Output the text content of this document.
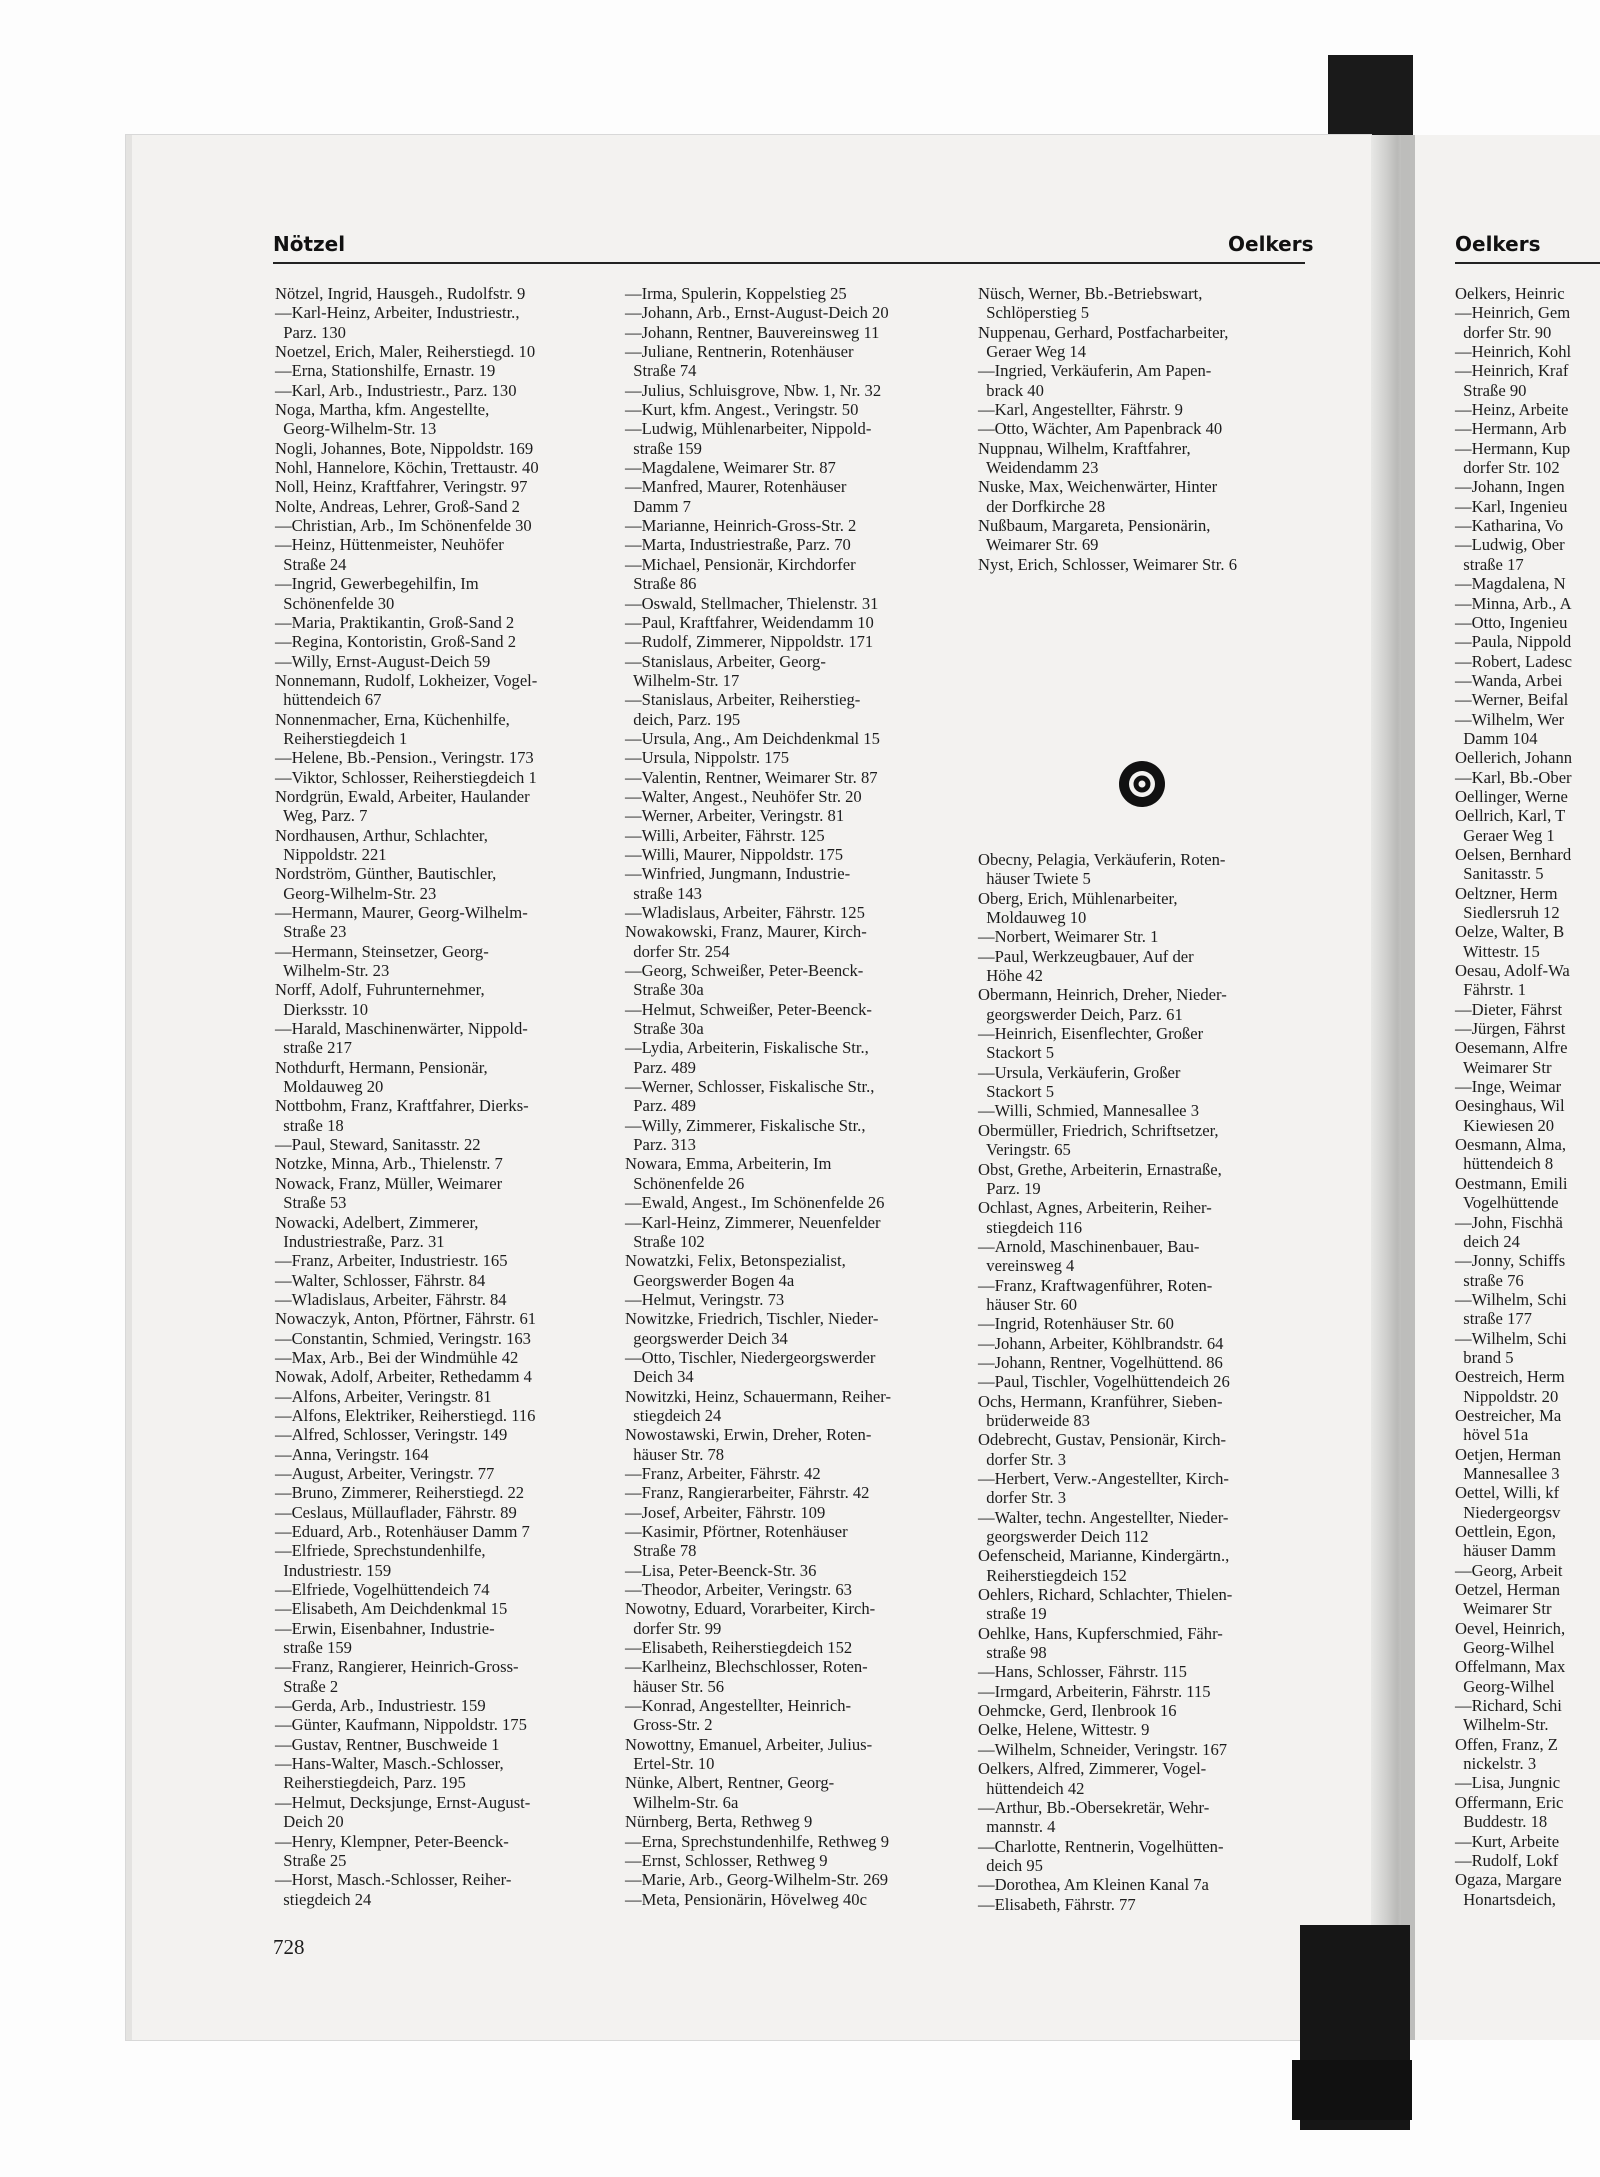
Nötzel	Oelkers	Oelkers
Nötzel, Ingrid, Hausgeh., Rudolfstr. 9
—Karl-Heinz, Arbeiter, Industriestr.,
Parz. 130
Noetzel, Erich, Maler, Reiherstiegd. 10
—Erna, Stationshilfe, Ernastr. 19
—Karl, Arb., Industriestr., Parz. 130
Noga, Martha, kfm. Angestellte,
Georg-Wilhelm-Str. 13
Nogli, Johannes, Bote, Nippoldstr. 169
Nohl, Hannelore, Köchin, Trettaustr. 40
Noll, Heinz, Kraftfahrer, Veringstr. 97
Nolte, Andreas, Lehrer, Groß-Sand 2
—Christian, Arb., Im Schönenfelde 30
—Heinz, Hüttenmeister, Neuhöfer
Straße 24
—Ingrid, Gewerbegehilfin, Im
Schönenfelde 30
—Maria, Praktikantin, Groß-Sand 2
—Regina, Kontoristin, Groß-Sand 2
—Willy, Ernst-August-Deich 59
Nonnemann, Rudolf, Lokheizer, Vogel-
hüttendeich 67
Nonnenmacher, Erna, Küchenhilfe,
Reiherstiegdeich 1
—Helene, Bb.-Pension., Veringstr. 173
—Viktor, Schlosser, Reiherstiegdeich 1
Nordgrün, Ewald, Arbeiter, Haulander
Weg, Parz. 7
Nordhausen, Arthur, Schlachter,
Nippoldstr. 221
Nordström, Günther, Bautischler,
Georg-Wilhelm-Str. 23
—Hermann, Maurer, Georg-Wilhelm-
Straße 23
—Hermann, Steinsetzer, Georg-
Wilhelm-Str. 23
Norff, Adolf, Fuhrunternehmer,
Dierksstr. 10
—Harald, Maschinenwärter, Nippold-
straße 217
Nothdurft, Hermann, Pensionär,
Moldauweg 20
Nottbohm, Franz, Kraftfahrer, Dierks-
straße 18
—Paul, Steward, Sanitasstr. 22
Notzke, Minna, Arb., Thielenstr. 7
Nowack, Franz, Müller, Weimarer
Straße 53
Nowacki, Adelbert, Zimmerer,
Industriestraße, Parz. 31
—Franz, Arbeiter, Industriestr. 165
—Walter, Schlosser, Fährstr. 84
—Wladislaus, Arbeiter, Fährstr. 84
Nowaczyk, Anton, Pförtner, Fährstr. 61
—Constantin, Schmied, Veringstr. 163
—Max, Arb., Bei der Windmühle 42
Nowak, Adolf, Arbeiter, Rethedamm 4
—Alfons, Arbeiter, Veringstr. 81
—Alfons, Elektriker, Reiherstiegd. 116
—Alfred, Schlosser, Veringstr. 149
—Anna, Veringstr. 164
—August, Arbeiter, Veringstr. 77
—Bruno, Zimmerer, Reiherstiegd. 22
—Ceslaus, Müllauflader, Fährstr. 89
—Eduard, Arb., Rotenhäuser Damm 7
—Elfriede, Sprechstundenhilfe,
Industriestr. 159
—Elfriede, Vogelhüttendeich 74
—Elisabeth, Am Deichdenkmal 15
—Erwin, Eisenbahner, Industrie-
straße 159
—Franz, Rangierer, Heinrich-Gross-
Straße 2
—Gerda, Arb., Industriestr. 159
—Günter, Kaufmann, Nippoldstr. 175
—Gustav, Rentner, Buschweide 1
—Hans-Walter, Masch.-Schlosser,
Reiherstiegdeich, Parz. 195
—Helmut, Decksjunge, Ernst-August-
Deich 20
—Henry, Klempner, Peter-Beenck-
Straße 25
—Horst, Masch.-Schlosser, Reiher-
stiegdeich 24
—Irma, Spulerin, Koppelstieg 25
—Johann, Arb., Ernst-August-Deich 20
—Johann, Rentner, Bauvereinsweg 11
—Juliane, Rentnerin, Rotenhäuser
Straße 74
—Julius, Schluisgrove, Nbw. 1, Nr. 32
—Kurt, kfm. Angest., Veringstr. 50
—Ludwig, Mühlenarbeiter, Nippold-
straße 159
—Magdalene, Weimarer Str. 87
—Manfred, Maurer, Rotenhäuser
Damm 7
—Marianne, Heinrich-Gross-Str. 2
—Marta, Industriestraße, Parz. 70
—Michael, Pensionär, Kirchdorfer
Straße 86
—Oswald, Stellmacher, Thielenstr. 31
—Paul, Kraftfahrer, Weidendamm 10
—Rudolf, Zimmerer, Nippoldstr. 171
—Stanislaus, Arbeiter, Georg-
Wilhelm-Str. 17
—Stanislaus, Arbeiter, Reiherstieg-
deich, Parz. 195
—Ursula, Ang., Am Deichdenkmal 15
—Ursula, Nippolstr. 175
—Valentin, Rentner, Weimarer Str. 87
—Walter, Angest., Neuhöfer Str. 20
—Werner, Arbeiter, Veringstr. 81
—Willi, Arbeiter, Fährstr. 125
—Willi, Maurer, Nippoldstr. 175
—Winfried, Jungmann, Industrie-
straße 143
—Wladislaus, Arbeiter, Fährstr. 125
Nowakowski, Franz, Maurer, Kirch-
dorfer Str. 254
—Georg, Schweißer, Peter-Beenck-
Straße 30a
—Helmut, Schweißer, Peter-Beenck-
Straße 30a
—Lydia, Arbeiterin, Fiskalische Str.,
Parz. 489
—Werner, Schlosser, Fiskalische Str.,
Parz. 489
—Willy, Zimmerer, Fiskalische Str.,
Parz. 313
Nowara, Emma, Arbeiterin, Im
Schönenfelde 26
—Ewald, Angest., Im Schönenfelde 26
—Karl-Heinz, Zimmerer, Neuenfelder
Straße 102
Nowatzki, Felix, Betonspezialist,
Georgswerder Bogen 4a
—Helmut, Veringstr. 73
Nowitzke, Friedrich, Tischler, Nieder-
georgswerder Deich 34
—Otto, Tischler, Niedergeorgswerder
Deich 34
Nowitzki, Heinz, Schauermann, Reiher-
stiegdeich 24
Nowostawski, Erwin, Dreher, Roten-
häuser Str. 78
—Franz, Arbeiter, Fährstr. 42
—Franz, Rangierarbeiter, Fährstr. 42
—Josef, Arbeiter, Fährstr. 109
—Kasimir, Pförtner, Rotenhäuser
Straße 78
—Lisa, Peter-Beenck-Str. 36
—Theodor, Arbeiter, Veringstr. 63
Nowotny, Eduard, Vorarbeiter, Kirch-
dorfer Str. 99
—Elisabeth, Reiherstiegdeich 152
—Karlheinz, Blechschlosser, Roten-
häuser Str. 56
—Konrad, Angestellter, Heinrich-
Gross-Str. 2
Nowottny, Emanuel, Arbeiter, Julius-
Ertel-Str. 10
Nünke, Albert, Rentner, Georg-
Wilhelm-Str. 6a
Nürnberg, Berta, Rethweg 9
—Erna, Sprechstundenhilfe, Rethweg 9
—Ernst, Schlosser, Rethweg 9
—Marie, Arb., Georg-Wilhelm-Str. 269
—Meta, Pensionärin, Hövelweg 40c
Nüsch, Werner, Bb.-Betriebswart,
Schlöperstieg 5
Nuppenau, Gerhard, Postfacharbeiter,
Geraer Weg 14
—Ingried, Verkäuferin, Am Papen-
brack 40
—Karl, Angestellter, Fährstr. 9
—Otto, Wächter, Am Papenbrack 40
Nuppnau, Wilhelm, Kraftfahrer,
Weidendamm 23
Nuske, Max, Weichenwärter, Hinter
der Dorfkirche 28
Nußbaum, Margareta, Pensionärin,
Weimarer Str. 69
Nyst, Erich, Schlosser, Weimarer Str. 6
Obecny, Pelagia, Verkäuferin, Roten-
häuser Twiete 5
Oberg, Erich, Mühlenarbeiter,
Moldauweg 10
—Norbert, Weimarer Str. 1
—Paul, Werkzeugbauer, Auf der
Höhe 42
Obermann, Heinrich, Dreher, Nieder-
georgswerder Deich, Parz. 61
—Heinrich, Eisenflechter, Großer
Stackort 5
—Ursula, Verkäuferin, Großer
Stackort 5
—Willi, Schmied, Mannesallee 3
Obermüller, Friedrich, Schriftsetzer,
Veringstr. 65
Obst, Grethe, Arbeiterin, Ernastraße,
Parz. 19
Ochlast, Agnes, Arbeiterin, Reiher-
stiegdeich 116
—Arnold, Maschinenbauer, Bau-
vereinsweg 4
—Franz, Kraftwagenführer, Roten-
häuser Str. 60
—Ingrid, Rotenhäuser Str. 60
—Johann, Arbeiter, Köhlbrandstr. 64
—Johann, Rentner, Vogelhüttend. 86
—Paul, Tischler, Vogelhüttendeich 26
Ochs, Hermann, Kranführer, Sieben-
brüderweide 83
Odebrecht, Gustav, Pensionär, Kirch-
dorfer Str. 3
—Herbert, Verw.-Angestellter, Kirch-
dorfer Str. 3
—Walter, techn. Angestellter, Nieder-
georgswerder Deich 112
Oefenscheid, Marianne, Kindergärtn.,
Reiherstiegdeich 152
Oehlers, Richard, Schlachter, Thielen-
straße 19
Oehlke, Hans, Kupferschmied, Fähr-
straße 98
—Hans, Schlosser, Fährstr. 115
—Irmgard, Arbeiterin, Fährstr. 115
Oehmcke, Gerd, Ilenbrook 16
Oelke, Helene, Wittestr. 9
—Wilhelm, Schneider, Veringstr. 167
Oelkers, Alfred, Zimmerer, Vogel-
hüttendeich 42
—Arthur, Bb.-Obersekretär, Wehr-
mannstr. 4
—Charlotte, Rentnerin, Vogelhütten-
deich 95
—Dorothea, Am Kleinen Kanal 7a
—Elisabeth, Fährstr. 77
Oelkers, Heinric
—Heinrich, Gem
dorfer Str. 90
—Heinrich, Kohl
—Heinrich, Kraf
Straße 90
—Heinz, Arbeite
—Hermann, Arb
—Hermann, Kup
dorfer Str. 102
—Johann, Ingen
—Karl, Ingenieu
—Katharina, Vo
—Ludwig, Ober
straße 17
—Magdalena, N
—Minna, Arb., A
—Otto, Ingenieu
—Paula, Nippold
—Robert, Ladesc
—Wanda, Arbei
—Werner, Beifal
—Wilhelm, Wer
Damm 104
Oellerich, Johann
—Karl, Bb.-Ober
Oellinger, Werne
Oellrich, Karl, T
Geraer Weg 1
Oelsen, Bernhard
Sanitasstr. 5
Oeltzner, Herm
Siedlersruh 12
Oelze, Walter, B
Wittestr. 15
Oesau, Adolf-Wa
Fährstr. 1
—Dieter, Fährst
—Jürgen, Fährst
Oesemann, Alfre
Weimarer Str
—Inge, Weimar
Oesinghaus, Wil
Kiewiesen 20
Oesmann, Alma,
hüttendeich 8
Oestmann, Emili
Vogelhüttende
—John, Fischhä
deich 24
—Jonny, Schiffs
straße 76
—Wilhelm, Schi
straße 177
—Wilhelm, Schi
brand 5
Oestreich, Herm
Nippoldstr. 20
Oestreicher, Ma
hövel 51a
Oetjen, Herman
Mannesallee 3
Oettel, Willi, kf
Niedergeorgsv
Oettlein, Egon,
häuser Damm
—Georg, Arbeit
Oetzel, Herman
Weimarer Str
Oevel, Heinrich,
Georg-Wilhel
Offelmann, Max
Georg-Wilhel
—Richard, Schi
Wilhelm-Str.
Offen, Franz, Z
nickelstr. 3
—Lisa, Jungnic
Offermann, Eric
Buddestr. 18
—Kurt, Arbeite
—Rudolf, Lokf
Ogaza, Margare
Honartsdeich,
728
